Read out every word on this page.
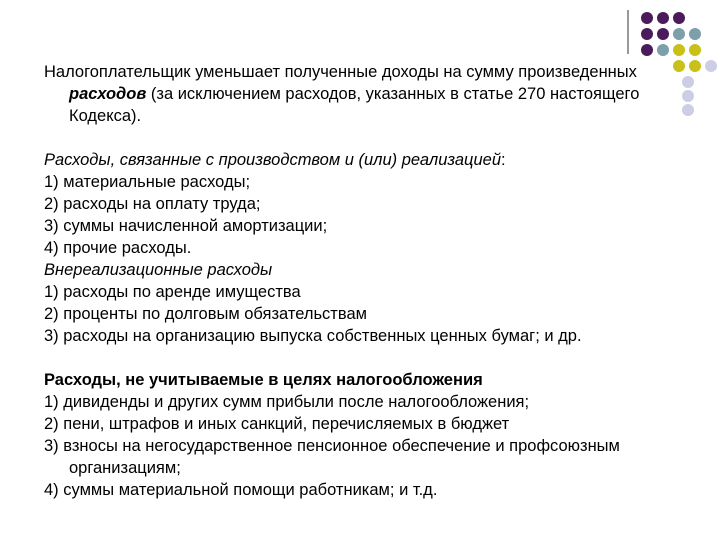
Налогоплательщик уменьшает полученные доходы на сумму произведенных расходов (за исключением расходов, указанных в статье 270 настоящего Кодекса).
Расходы, связанные с производством и (или) реализацией:
1) материальные расходы;
2) расходы на оплату труда;
3) суммы начисленной амортизации;
4) прочие расходы.
Внереализационные расходы
1) расходы по аренде имущества
2) проценты по долговым обязательствам
3) расходы на организацию выпуска собственных ценных бумаг; и др.
Расходы, не учитываемые в целях налогообложения
1) дивиденды и других сумм прибыли после налогообложения;
2) пени, штрафов и иных санкций, перечисляемых в бюджет
3) взносы на негосударственное пенсионное обеспечение и профсоюзным организациям;
4) суммы материальной помощи работникам; и т.д.
